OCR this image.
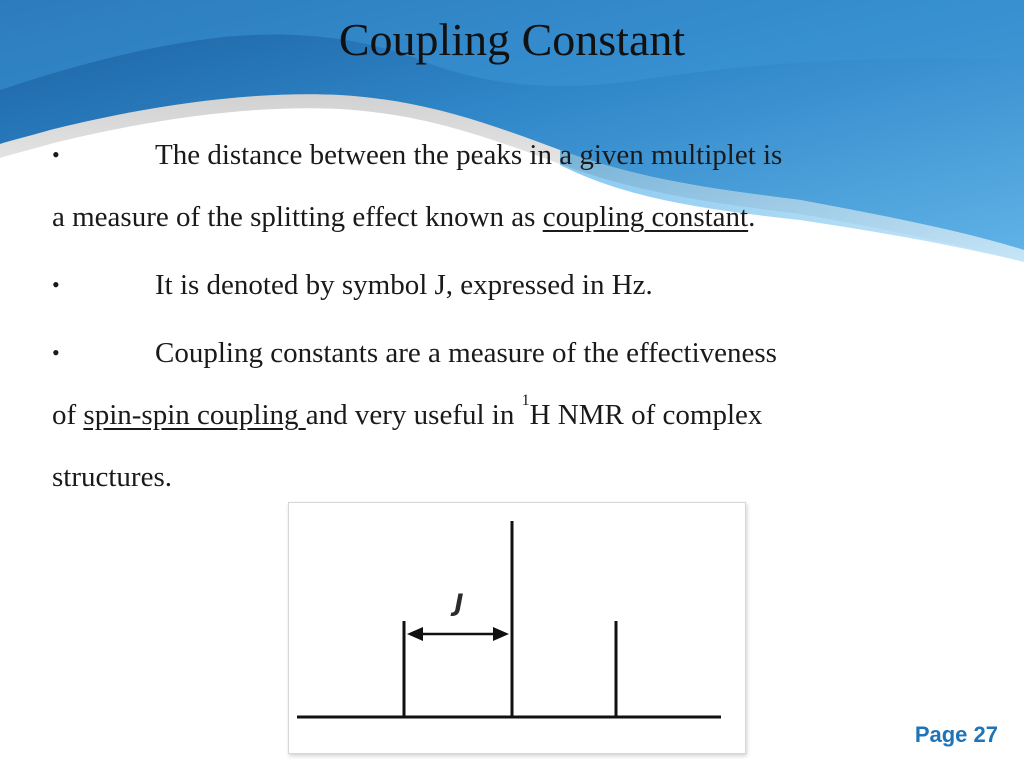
Coupling Constant

•	The distance between the peaks in a given multiplet is
a measure of the splitting effect known as coupling constant.

•	It is denoted by symbol J, expressed in Hz.

•	Coupling constants are a measure of the effectiveness
of spin-spin coupling and very useful in $^1$H NMR of complex
structures.

J
Page 27
